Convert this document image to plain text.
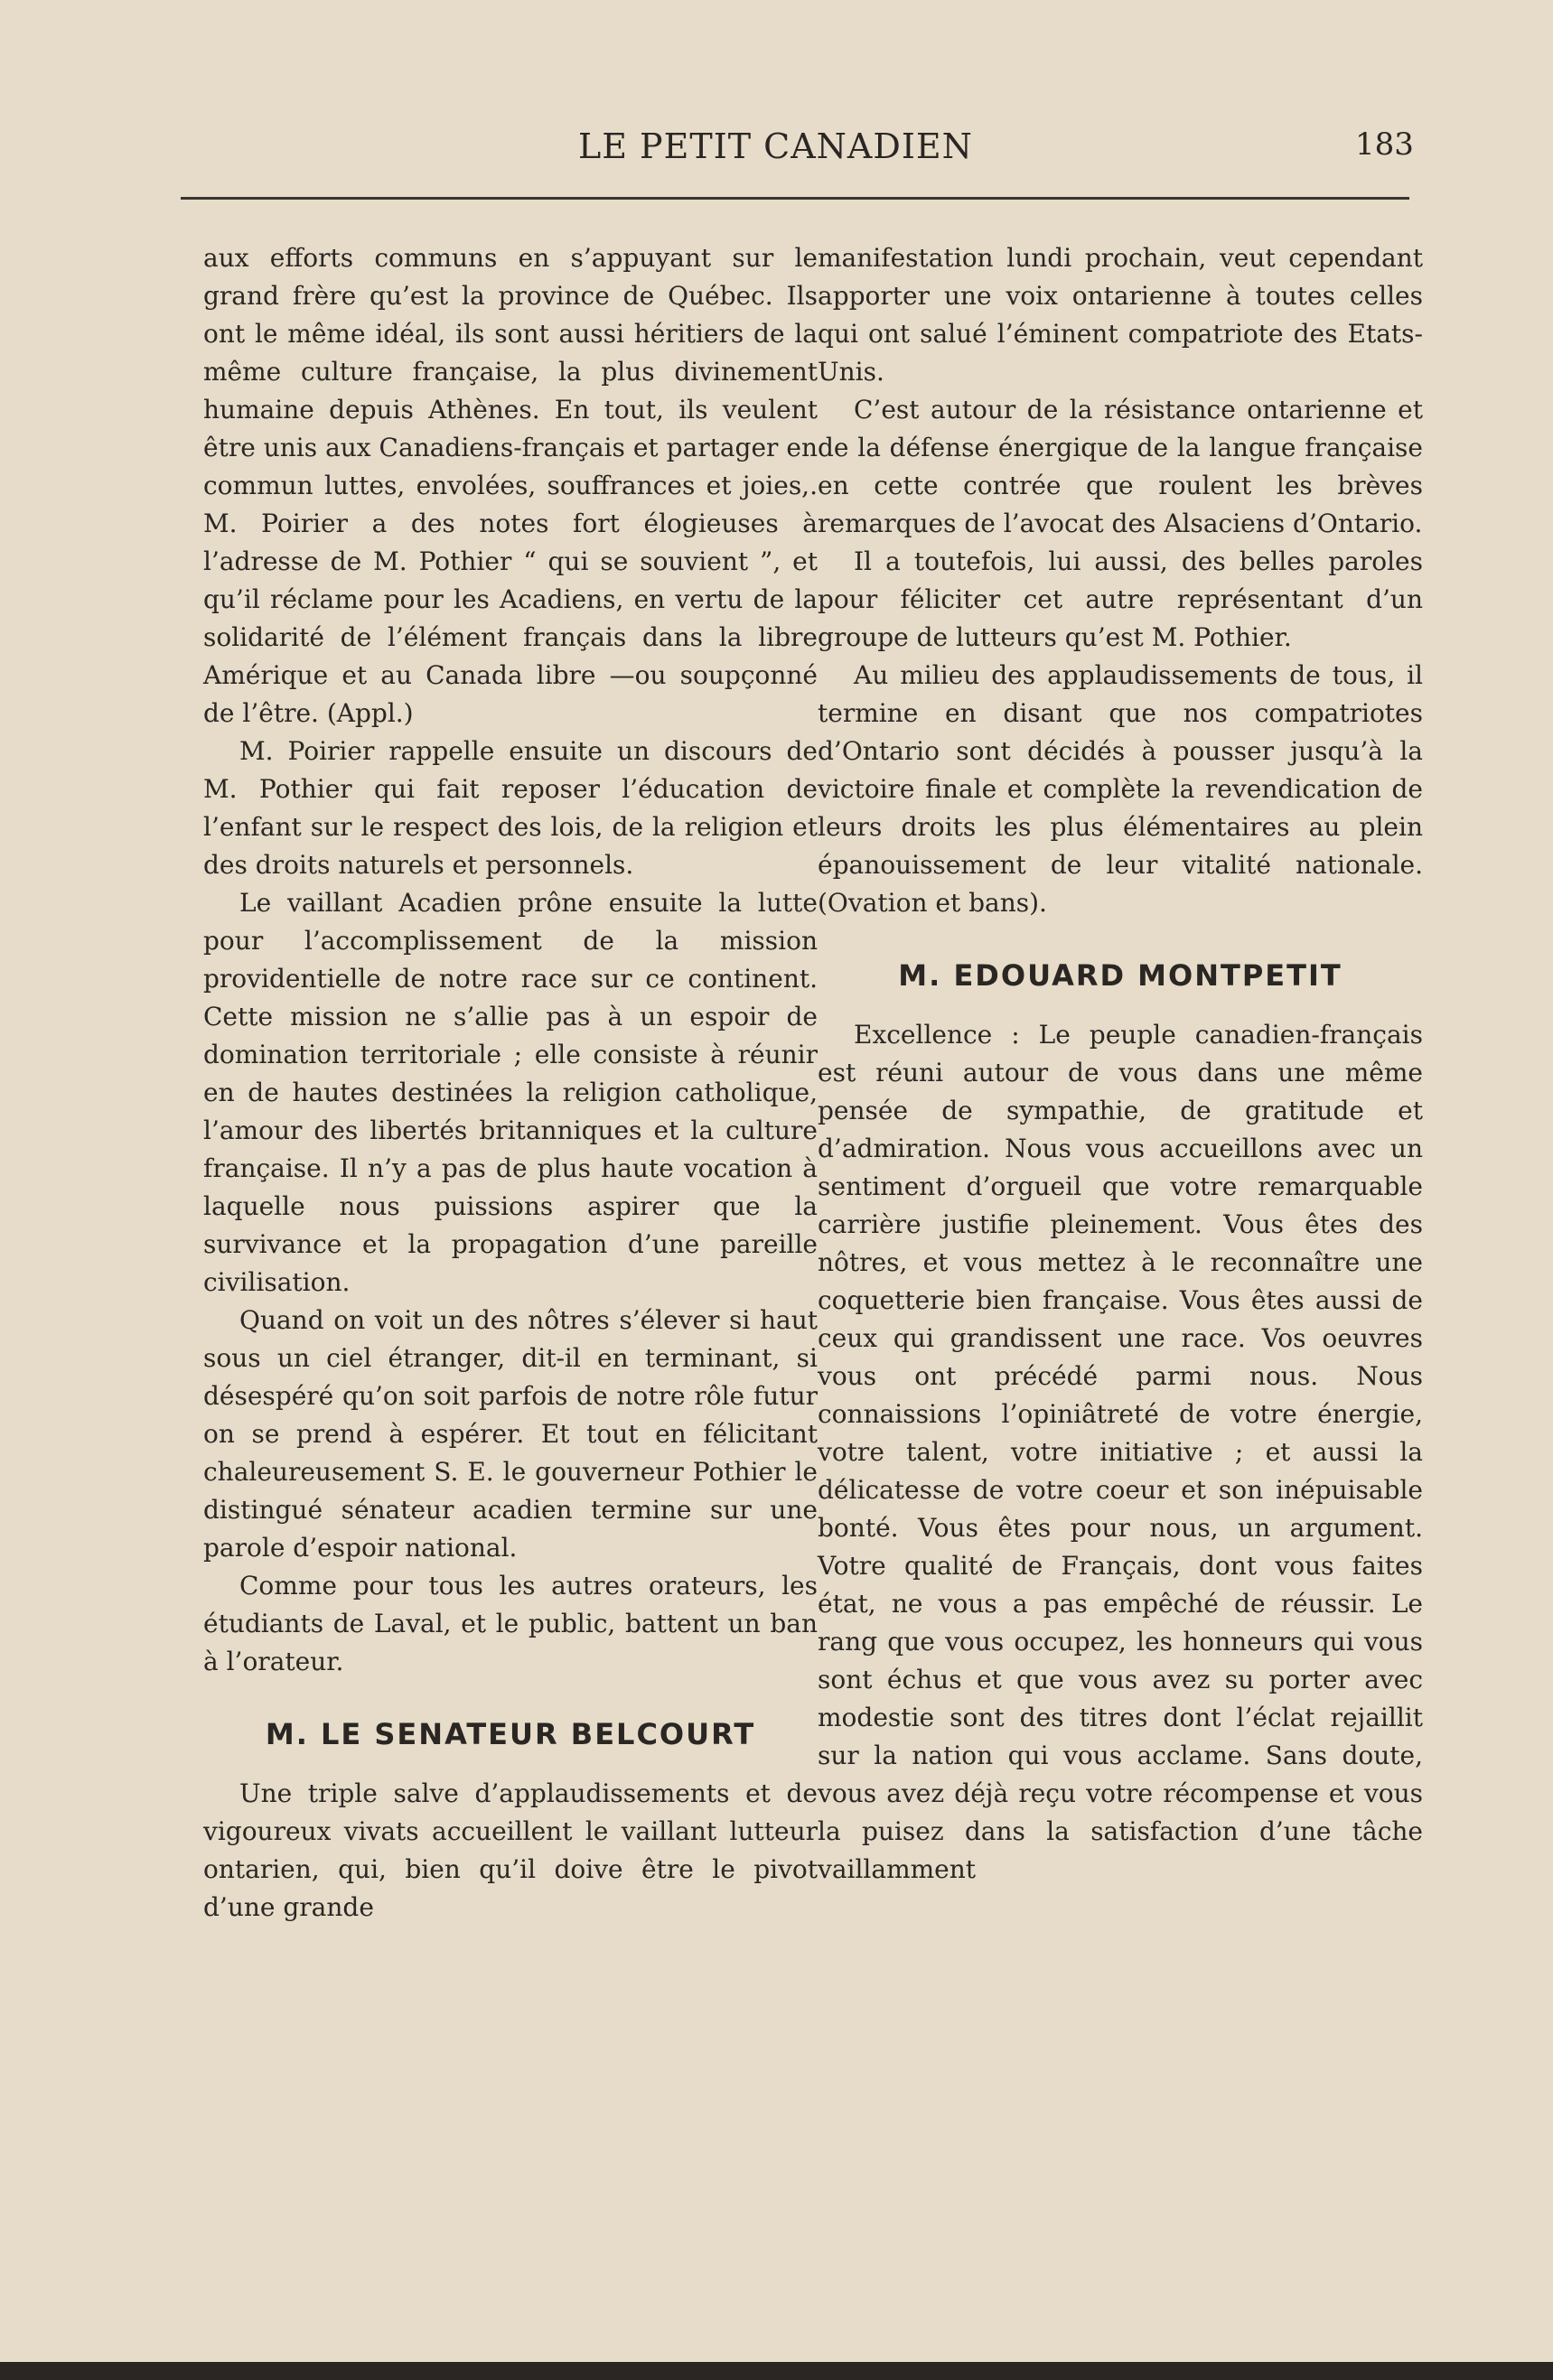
LE PETIT CANADIEN	183

aux efforts communs en s’appuyant sur le grand frère qu’est la province de Québec. Ils ont le même idéal, ils sont aussi héritiers de la même culture française, la plus divinement humaine depuis Athènes. En tout, ils veulent être unis aux Canadiens-français et partager en commun luttes, envolées, souffrances et joies,. M. Poirier a des notes fort élogieuses à l’adresse de M. Pothier “ qui se souvient ”, et qu’il réclame pour les Acadiens, en vertu de la solidarité de l’élément français dans la libre Amérique et au Canada libre —ou soupçonné de l’être. (Appl.)

M. Poirier rappelle ensuite un discours de M. Pothier qui fait reposer l’éducation de l’enfant sur le respect des lois, de la religion et des droits naturels et personnels.

Le vaillant Acadien prône ensuite la lutte pour l’accomplissement de la mission providentielle de notre race sur ce continent. Cette mission ne s’allie pas à un espoir de domination territoriale ; elle consiste à réunir en de hautes destinées la religion catholique, l’amour des libertés britanniques et la culture française. Il n’y a pas de plus haute vocation à laquelle nous puissions aspirer que la survivance et la propagation d’une pareille civilisation.

Quand on voit un des nôtres s’élever si haut sous un ciel étranger, dit-il en terminant, si désespéré qu’on soit parfois de notre rôle futur on se prend à espérer. Et tout en félicitant chaleureusement S. E. le gouverneur Pothier le distingué sénateur acadien termine sur une parole d’espoir national.

Comme pour tous les autres orateurs, les étudiants de Laval, et le public, battent un ban à l’orateur.

M. LE SENATEUR BELCOURT

Une triple salve d’applaudissements et de vigoureux vivats accueillent le vaillant lutteur ontarien, qui, bien qu’il doive être le pivot d’une grande

manifestation lundi prochain, veut cependant apporter une voix ontarienne à toutes celles qui ont salué l’éminent compatriote des Etats-Unis.

C’est autour de la résistance ontarienne et de la défense énergique de la langue française en cette contrée que roulent les brèves remarques de l’avocat des Alsaciens d’Ontario.

Il a toutefois, lui aussi, des belles paroles pour féliciter cet autre représentant d’un groupe de lutteurs qu’est M. Pothier.

Au milieu des applaudissements de tous, il termine en disant que nos compatriotes d’Ontario sont décidés à pousser jusqu’à la victoire finale et complète la revendication de leurs droits les plus élémentaires au plein épanouissement de leur vitalité nationale. (Ovation et bans).

M. EDOUARD MONTPETIT

Excellence : Le peuple canadien-français est réuni autour de vous dans une même pensée de sympathie, de gratitude et d’admiration. Nous vous accueillons avec un sentiment d’orgueil que votre remarquable carrière justifie pleinement. Vous êtes des nôtres, et vous mettez à le reconnaître une coquetterie bien française. Vous êtes aussi de ceux qui grandissent une race. Vos oeuvres vous ont précédé parmi nous. Nous connaissions l’opiniâtreté de votre énergie, votre talent, votre initiative ; et aussi la délicatesse de votre coeur et son inépuisable bonté. Vous êtes pour nous, un argument. Votre qualité de Français, dont vous faites état, ne vous a pas empêché de réussir. Le rang que vous occupez, les honneurs qui vous sont échus et que vous avez su porter avec modestie sont des titres dont l’éclat rejaillit sur la nation qui vous acclame. Sans doute, vous avez déjà reçu votre récompense et vous la puisez dans la satisfaction d’une tâche vaillamment
